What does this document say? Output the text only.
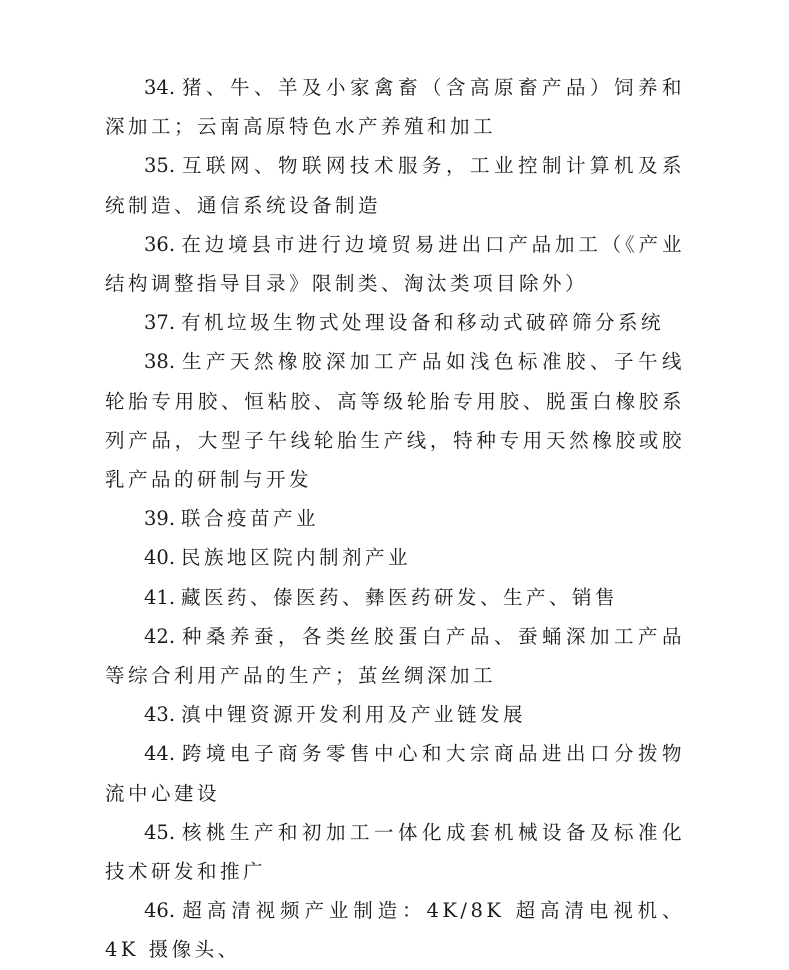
34. 猪、牛、羊及小家禽畜（含高原畜产品）饲养和深加工；云南高原特色水产养殖和加工

35. 互联网、物联网技术服务，工业控制计算机及系统制造、通信系统设备制造

36. 在边境县市进行边境贸易进出口产品加工（《产业结构调整指导目录》限制类、淘汰类项目除外）

37. 有机垃圾生物式处理设备和移动式破碎筛分系统

38. 生产天然橡胶深加工产品如浅色标准胶、子午线轮胎专用胶、恒粘胶、高等级轮胎专用胶、脱蛋白橡胶系列产品，大型子午线轮胎生产线，特种专用天然橡胶或胶乳产品的研制与开发

39. 联合疫苗产业

40. 民族地区院内制剂产业

41. 藏医药、傣医药、彝医药研发、生产、销售

42. 种桑养蚕，各类丝胶蛋白产品、蚕蛹深加工产品等综合利用产品的生产；茧丝绸深加工

43. 滇中锂资源开发利用及产业链发展

44. 跨境电子商务零售中心和大宗商品进出口分拨物流中心建设

45. 核桃生产和初加工一体化成套机械设备及标准化技术研发和推广

46. 超高清视频产业制造：4K/8K 超高清电视机、4K 摄像头、
